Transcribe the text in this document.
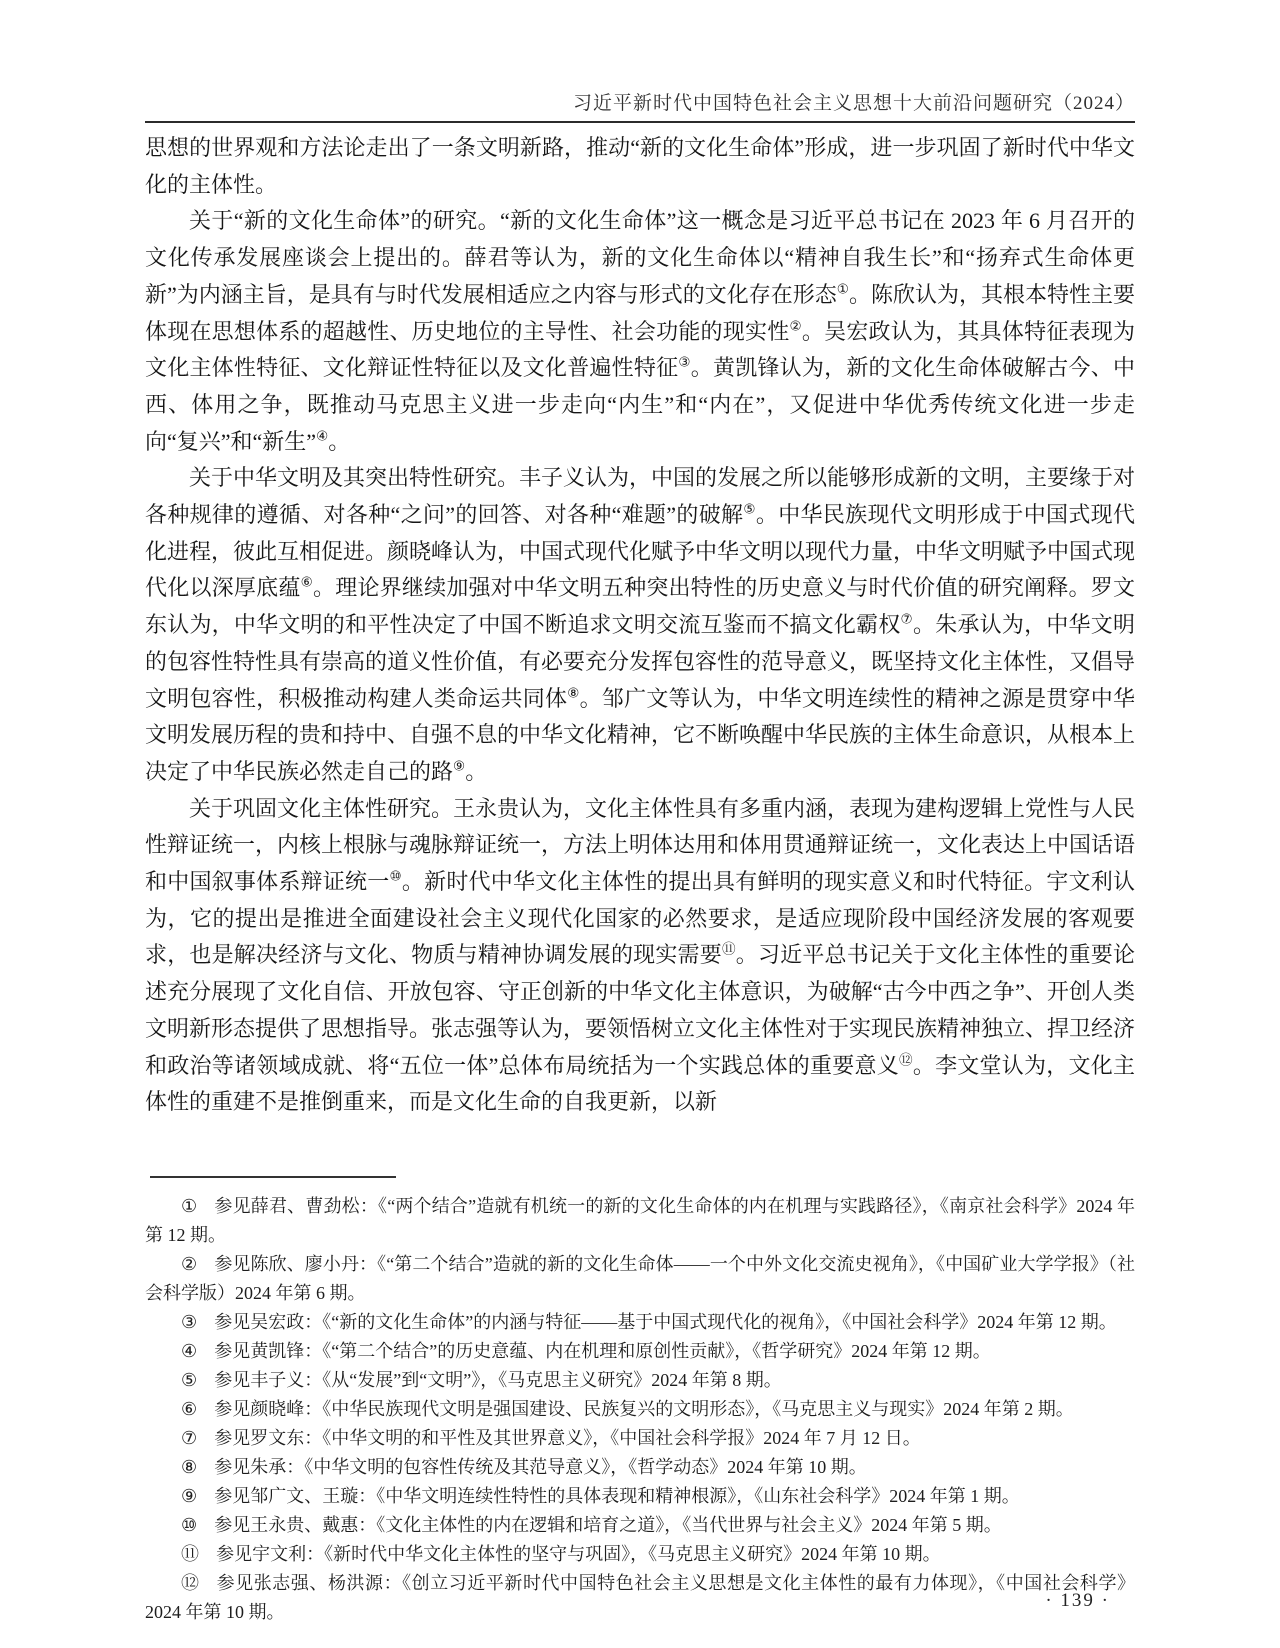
习近平新时代中国特色社会主义思想十大前沿问题研究（2024）

思想的世界观和方法论走出了一条文明新路，推动“新的文化生命体”形成，进一步巩固了新时代中华文化的主体性。

关于“新的文化生命体”的研究。“新的文化生命体”这一概念是习近平总书记在 2023 年 6 月召开的文化传承发展座谈会上提出的。薛君等认为，新的文化生命体以“精神自我生长”和“扬弃式生命体更新”为内涵主旨，是具有与时代发展相适应之内容与形式的文化存在形态①。陈欣认为，其根本特性主要体现在思想体系的超越性、历史地位的主导性、社会功能的现实性②。吴宏政认为，其具体特征表现为文化主体性特征、文化辩证性特征以及文化普遍性特征③。黄凯锋认为，新的文化生命体破解古今、中西、体用之争，既推动马克思主义进一步走向“内生”和“内在”，又促进中华优秀传统文化进一步走向“复兴”和“新生”④。

关于中华文明及其突出特性研究。丰子义认为，中国的发展之所以能够形成新的文明，主要缘于对各种规律的遵循、对各种“之问”的回答、对各种“难题”的破解⑤。中华民族现代文明形成于中国式现代化进程，彼此互相促进。颜晓峰认为，中国式现代化赋予中华文明以现代力量，中华文明赋予中国式现代化以深厚底蕴⑥。理论界继续加强对中华文明五种突出特性的历史意义与时代价值的研究阐释。罗文东认为，中华文明的和平性决定了中国不断追求文明交流互鉴而不搞文化霸权⑦。朱承认为，中华文明的包容性特性具有崇高的道义性价值，有必要充分发挥包容性的范导意义，既坚持文化主体性，又倡导文明包容性，积极推动构建人类命运共同体⑧。邹广文等认为，中华文明连续性的精神之源是贯穿中华文明发展历程的贵和持中、自强不息的中华文化精神，它不断唤醒中华民族的主体生命意识，从根本上决定了中华民族必然走自己的路⑨。

关于巩固文化主体性研究。王永贵认为，文化主体性具有多重内涵，表现为建构逻辑上党性与人民性辩证统一，内核上根脉与魂脉辩证统一，方法上明体达用和体用贯通辩证统一，文化表达上中国话语和中国叙事体系辩证统一⑩。新时代中华文化主体性的提出具有鲜明的现实意义和时代特征。宇文利认为，它的提出是推进全面建设社会主义现代化国家的必然要求，是适应现阶段中国经济发展的客观要求，也是解决经济与文化、物质与精神协调发展的现实需要⑪。习近平总书记关于文化主体性的重要论述充分展现了文化自信、开放包容、守正创新的中华文化主体意识，为破解“古今中西之争”、开创人类文明新形态提供了思想指导。张志强等认为，要领悟树立文化主体性对于实现民族精神独立、捍卫经济和政治等诸领域成就、将“五位一体”总体布局统括为一个实践总体的重要意义⑫。李文堂认为，文化主体性的重建不是推倒重来，而是文化生命的自我更新，以新

① 参见薛君、曹劲松：《“两个结合”造就有机统一的新的文化生命体的内在机理与实践路径》，《南京社会科学》2024 年第 12 期。

② 参见陈欣、廖小丹：《“第二个结合”造就的新的文化生命体——一个中外文化交流史视角》，《中国矿业大学学报》（社会科学版）2024 年第 6 期。

③ 参见吴宏政：《“新的文化生命体”的内涵与特征——基于中国式现代化的视角》，《中国社会科学》2024 年第 12 期。

④ 参见黄凯锋：《“第二个结合”的历史意蕴、内在机理和原创性贡献》，《哲学研究》2024 年第 12 期。

⑤ 参见丰子义：《从“发展”到“文明”》，《马克思主义研究》2024 年第 8 期。

⑥ 参见颜晓峰：《中华民族现代文明是强国建设、民族复兴的文明形态》，《马克思主义与现实》2024 年第 2 期。

⑦ 参见罗文东：《中华文明的和平性及其世界意义》，《中国社会科学报》2024 年 7 月 12 日。

⑧ 参见朱承：《中华文明的包容性传统及其范导意义》，《哲学动态》2024 年第 10 期。

⑨ 参见邹广文、王璇：《中华文明连续性特性的具体表现和精神根源》，《山东社会科学》2024 年第 1 期。

⑩ 参见王永贵、戴惠：《文化主体性的内在逻辑和培育之道》，《当代世界与社会主义》2024 年第 5 期。

⑪ 参见宇文利：《新时代中华文化主体性的坚守与巩固》，《马克思主义研究》2024 年第 10 期。

⑫ 参见张志强、杨洪源：《创立习近平新时代中国特色社会主义思想是文化主体性的最有力体现》，《中国社会科学》2024 年第 10 期。

· 139 ·
